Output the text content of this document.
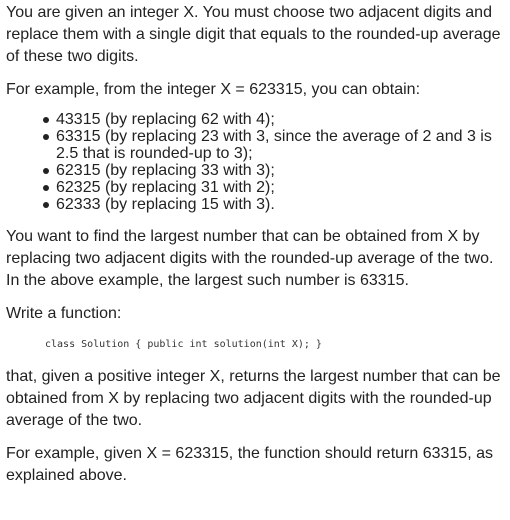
You are given an integer X. You must choose two adjacent digits and replace them with a single digit that equals to the rounded-up average of these two digits.

For example, from the integer X = 623315, you can obtain:

43315 (by replacing 62 with 4);
63315 (by replacing 23 with 3, since the average of 2 and 3 is 2.5 that is rounded-up to 3);
62315 (by replacing 33 with 3);
62325 (by replacing 31 with 2);
62333 (by replacing 15 with 3).

You want to find the largest number that can be obtained from X by replacing two adjacent digits with the rounded-up average of the two. In the above example, the largest such number is 63315.

Write a function:

class Solution { public int solution(int X); }

that, given a positive integer X, returns the largest number that can be obtained from X by replacing two adjacent digits with the rounded-up average of the two.

For example, given X = 623315, the function should return 63315, as explained above.
